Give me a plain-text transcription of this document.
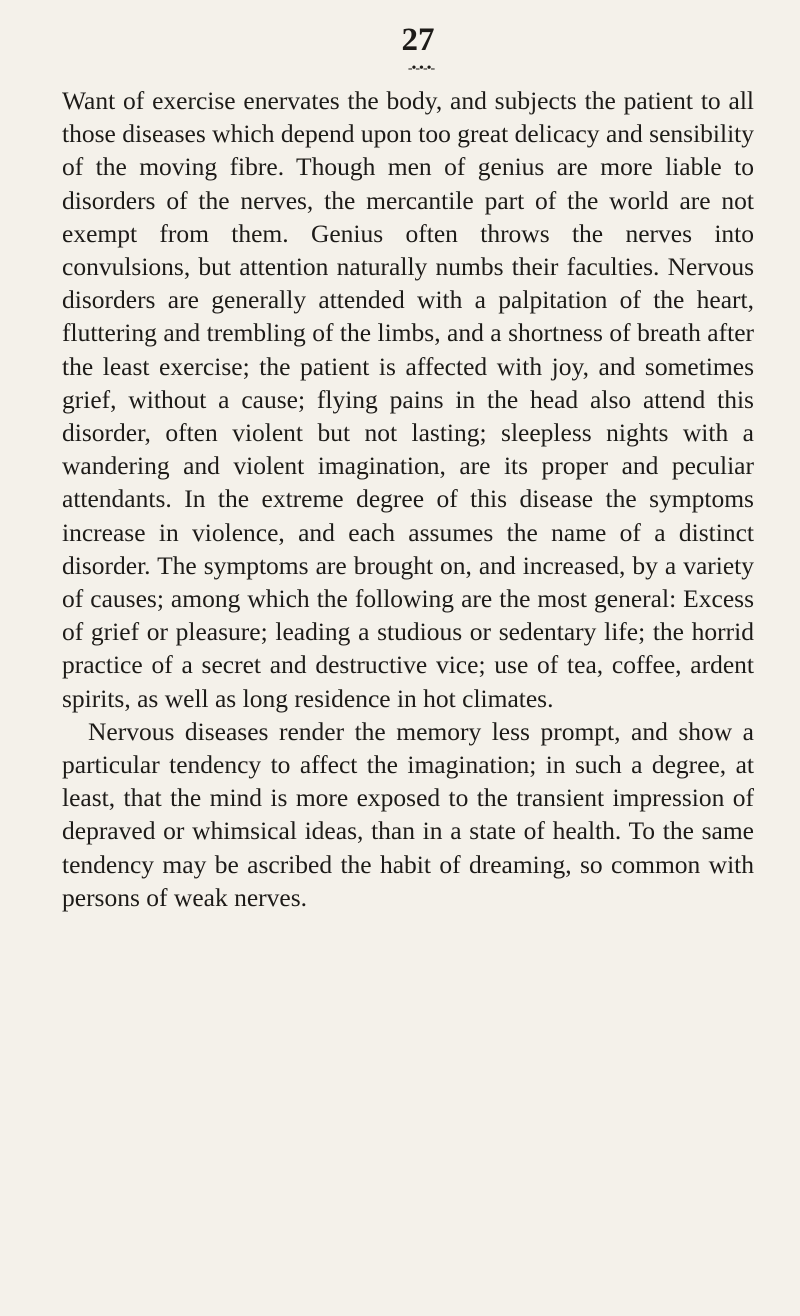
27
-•-•-•-

Want of exercise enervates the body, and subjects the patient to all those diseases which depend upon too great delicacy and sensibility of the moving fibre. Though men of genius are more liable to disorders of the nerves, the mercantile part of the world are not exempt from them. Genius often throws the nerves into convulsions, but attention naturally numbs their faculties. Nervous disorders are generally attended with a palpitation of the heart, fluttering and trembling of the limbs, and a shortness of breath after the least exercise; the patient is affected with joy, and sometimes grief, without a cause; flying pains in the head also attend this disorder, often violent but not lasting; sleepless nights with a wandering and violent imagination, are its proper and peculiar attendants. In the extreme degree of this disease the symptoms increase in violence, and each assumes the name of a distinct disorder. The symptoms are brought on, and increased, by a variety of causes; among which the following are the most general: Excess of grief or pleasure; leading a studious or sedentary life; the horrid practice of a secret and destructive vice; use of tea, coffee, ardent spirits, as well as long residence in hot climates.

Nervous diseases render the memory less prompt, and show a particular tendency to affect the imagination; in such a degree, at least, that the mind is more exposed to the transient impression of depraved or whimsical ideas, than in a state of health. To the same tendency may be ascribed the habit of dreaming, so common with persons of weak nerves.
